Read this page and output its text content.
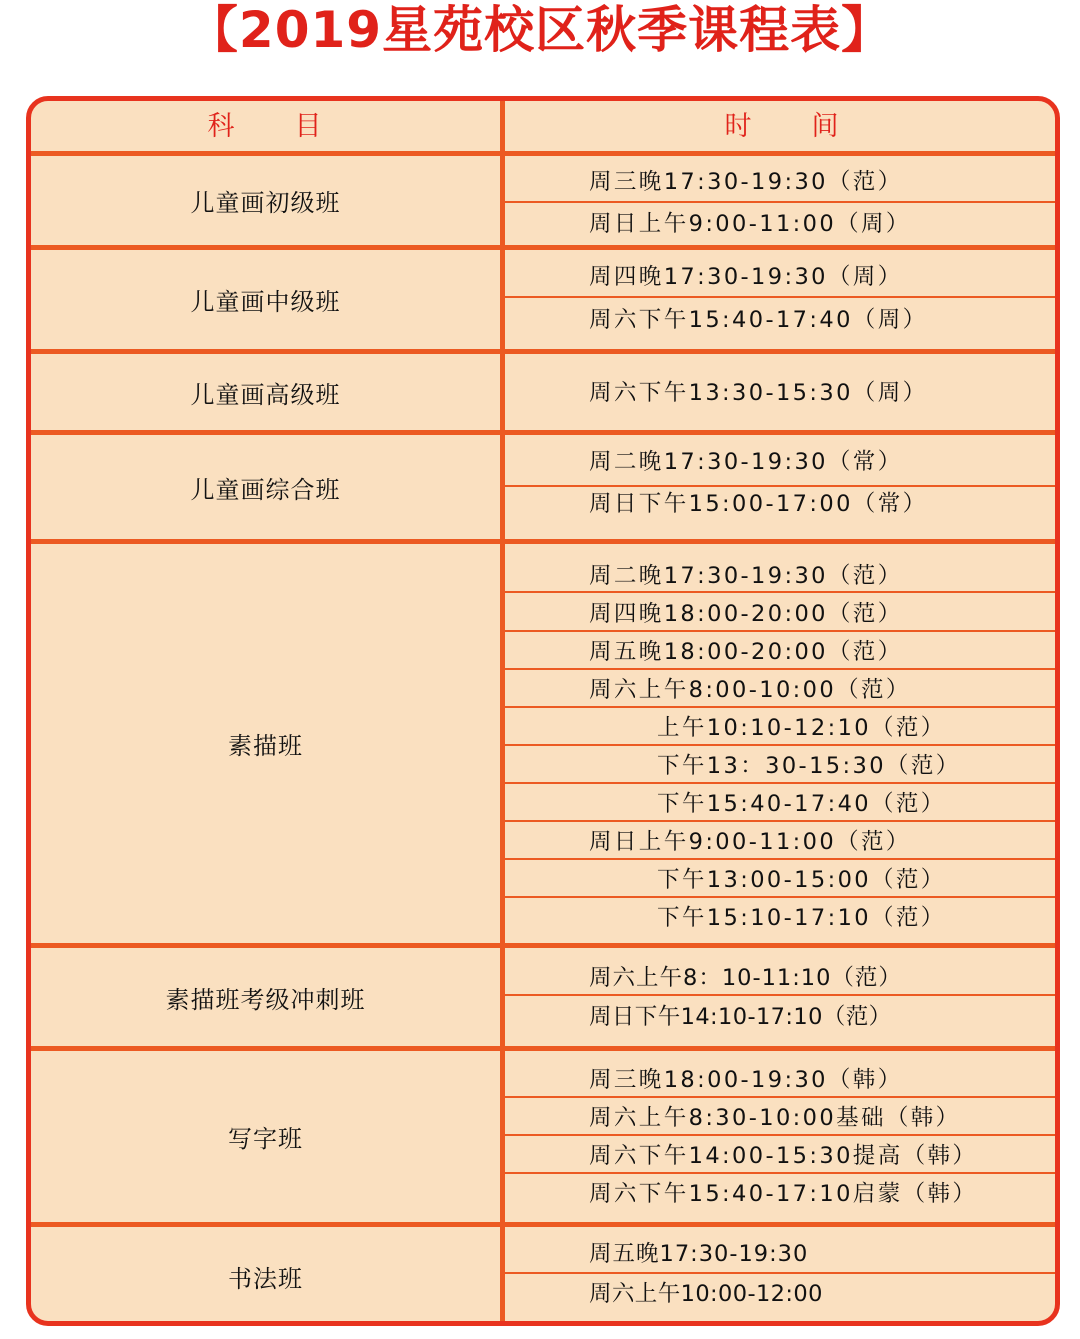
【2019星苑校区秋季课程表】
科　　目	时　　间
儿童画初级班
周三晚17:30-19:30（范）
周日上午9:00-11:00（周）
儿童画中级班
周四晚17:30-19:30（周）
周六下午15:40-17:40（周）
儿童画高级班	周六下午13:30-15:30（周）
儿童画综合班
周二晚17:30-19:30（常）
周日下午15:00-17:00（常）
素描班
周二晚17:30-19:30（范）
周四晚18:00-20:00（范）
周五晚18:00-20:00（范）
周六上午8:00-10:00（范）
上午10:10-12:10（范）
下午13：30-15:30（范）
下午15:40-17:40（范）
周日上午9:00-11:00（范）
下午13:00-15:00（范）
下午15:10-17:10（范）
素描班考级冲刺班
周六上午8：10-11:10（范）
周日下午14:10-17:10（范）
写字班
周三晚18:00-19:30（韩）
周六上午8:30-10:00基础（韩）
周六下午14:00-15:30提高（韩）
周六下午15:40-17:10启蒙（韩）
书法班
周五晚17:30-19:30
周六上午10:00-12:00
